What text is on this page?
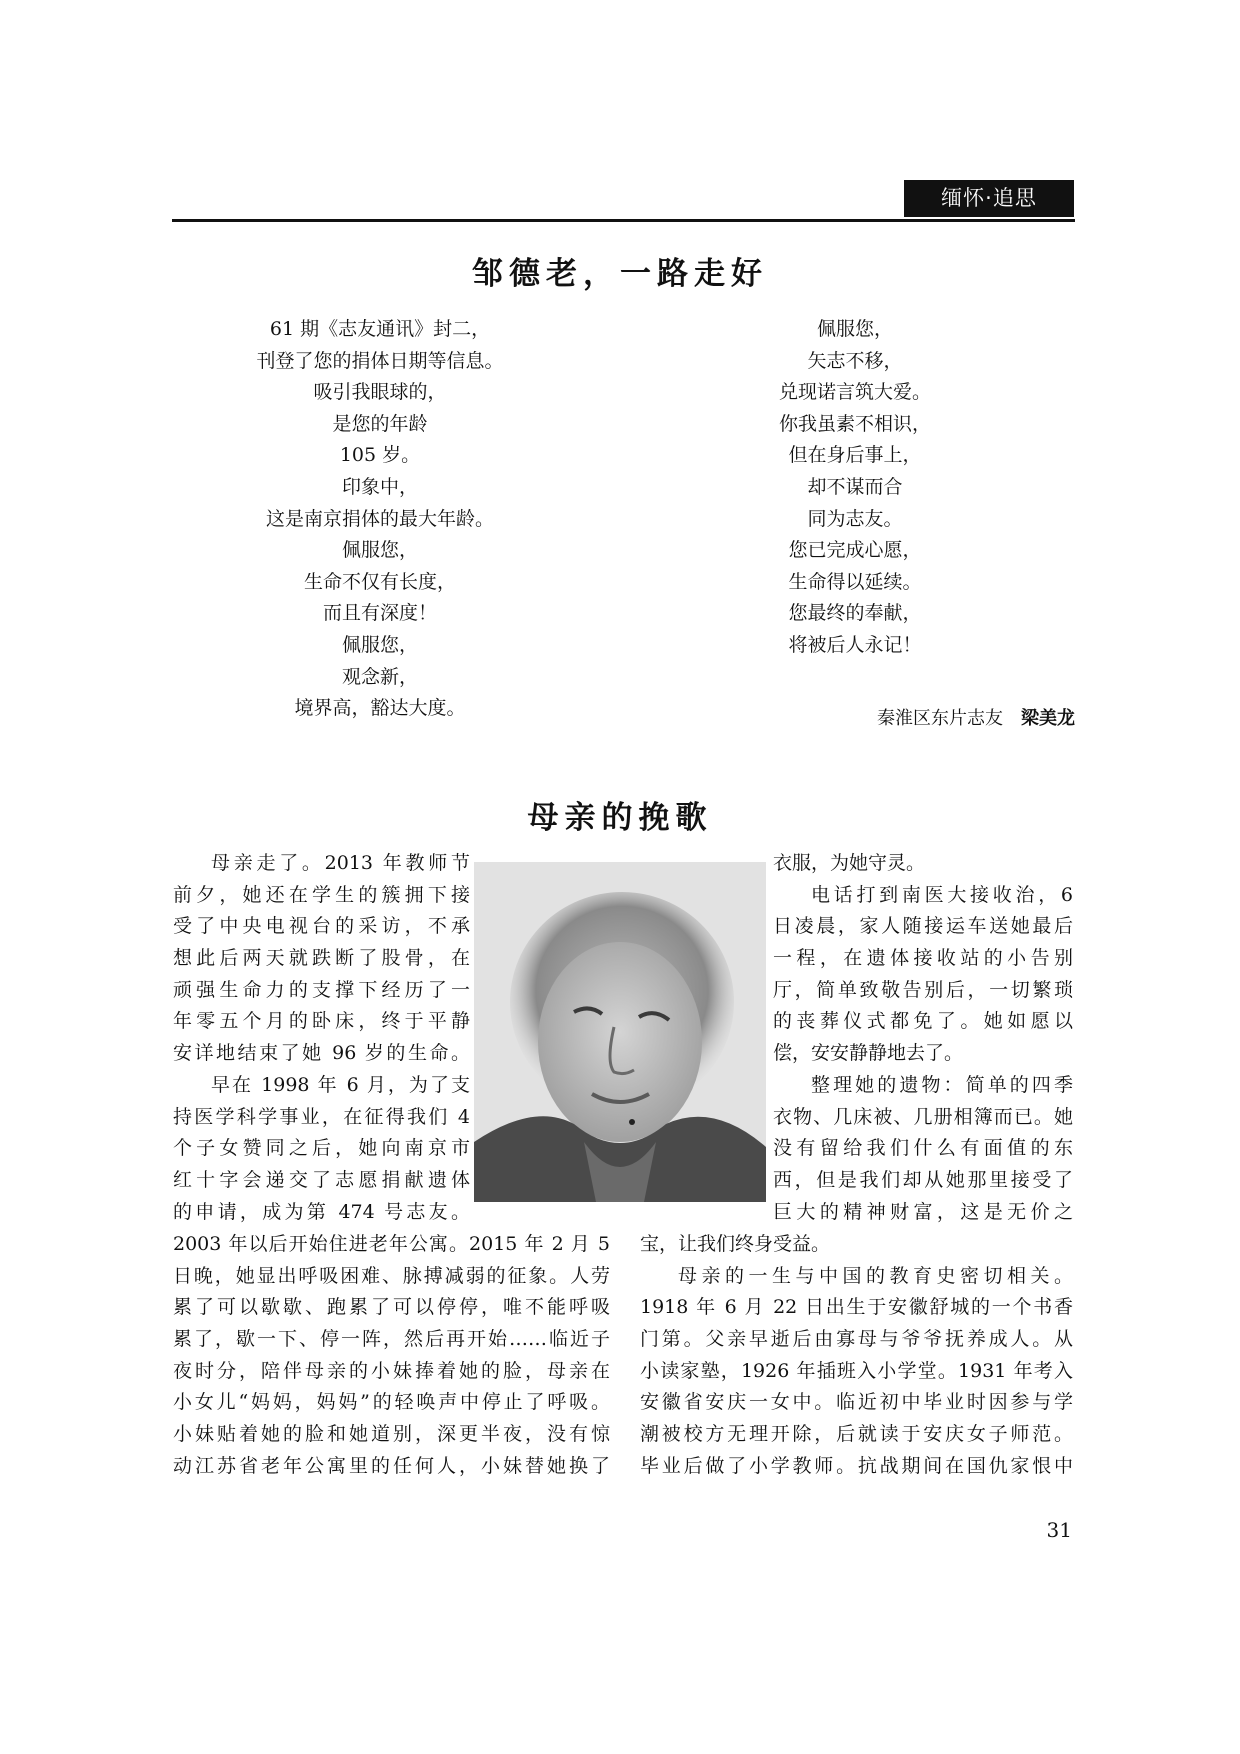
缅怀·追思
邹德老，一路走好
61 期《志友通讯》封二，
刊登了您的捐体日期等信息。
吸引我眼球的，
是您的年龄
105 岁。
印象中，
这是南京捐体的最大年龄。
佩服您，
生命不仅有长度，
而且有深度！
佩服您，
观念新，
境界高，豁达大度。
佩服您，
矢志不移，
兑现诺言筑大爱。
你我虽素不相识，
但在身后事上，
却不谋而合
同为志友。
您已完成心愿，
生命得以延续。
您最终的奉献，
将被后人永记！
秦淮区东片志友 梁美龙
母亲的挽歌
母亲走了。2013 年教师节
前夕，她还在学生的簇拥下接
受了中央电视台的采访，不承
想此后两天就跌断了股骨，在
顽强生命力的支撑下经历了一
年零五个月的卧床，终于平静
安详地结束了她 96 岁的生命。
早在 1998 年 6 月，为了支
持医学科学事业，在征得我们 4
个子女赞同之后，她向南京市
红十字会递交了志愿捐献遗体
的申请，成为第 474 号志友。
衣服，为她守灵。
电话打到南医大接收治，6
日凌晨，家人随接运车送她最后
一程，在遗体接收站的小告别
厅，简单致敬告别后，一切繁琐
的丧葬仪式都免了。她如愿以
偿，安安静静地去了。
整理她的遗物：简单的四季
衣物、几床被、几册相簿而已。她
没有留给我们什么有面值的东
西，但是我们却从她那里接受了
巨大的精神财富，这是无价之
2003 年以后开始住进老年公寓。2015 年 2 月 5
日晚，她显出呼吸困难、脉搏减弱的征象。人劳
累了可以歇歇、跑累了可以停停，唯不能呼吸
累了，歇一下、停一阵，然后再开始……临近子
夜时分，陪伴母亲的小妹捧着她的脸，母亲在
小女儿“妈妈，妈妈”的轻唤声中停止了呼吸。
小妹贴着她的脸和她道别，深更半夜，没有惊
动江苏省老年公寓里的任何人，小妹替她换了
宝，让我们终身受益。
母亲的一生与中国的教育史密切相关。
1918 年 6 月 22 日出生于安徽舒城的一个书香
门第。父亲早逝后由寡母与爷爷抚养成人。从
小读家塾，1926 年插班入小学堂。1931 年考入
安徽省安庆一女中。临近初中毕业时因参与学
潮被校方无理开除，后就读于安庆女子师范。
毕业后做了小学教师。抗战期间在国仇家恨中
31
